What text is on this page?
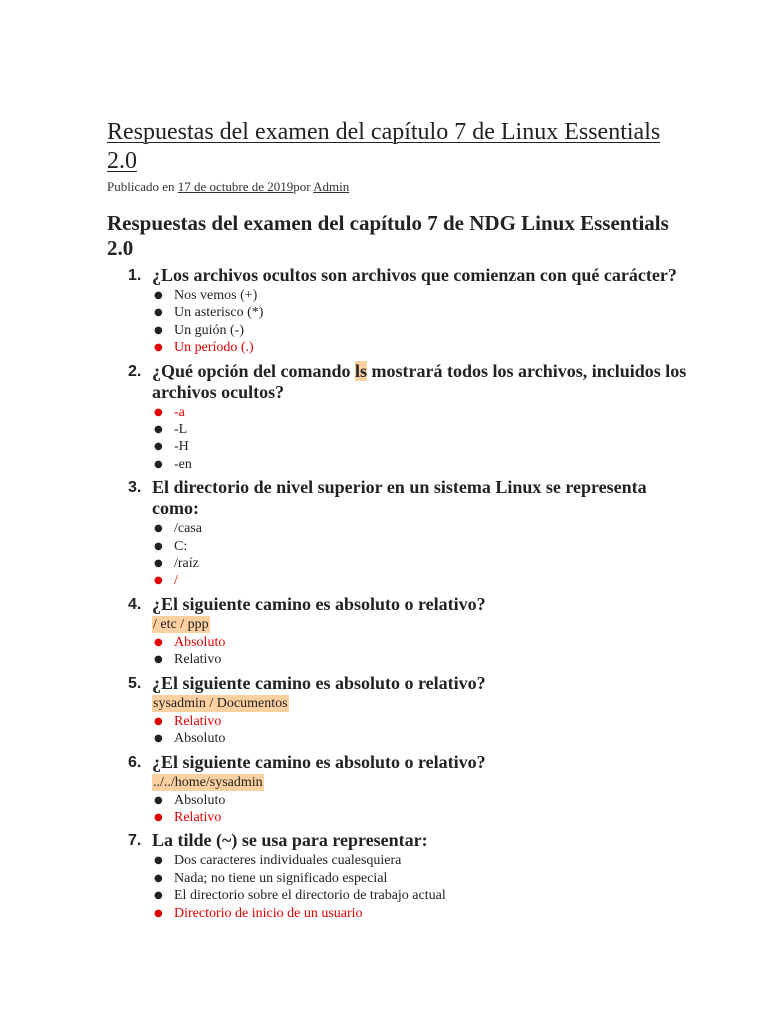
Respuestas del examen del capítulo 7 de Linux Essentials 2.0
Publicado en 17 de octubre de 2019por Admin
Respuestas del examen del capítulo 7 de NDG Linux Essentials 2.0
1. ¿Los archivos ocultos son archivos que comienzan con qué carácter?
● Nos vemos (+)
● Un asterisco (*)
● Un guión (-)
● Un período (.)
2. ¿Qué opción del comando ls mostrará todos los archivos, incluidos los archivos ocultos?
● -a
● -L
● -H
● -en
3. El directorio de nivel superior en un sistema Linux se representa como:
● /casa
● C:
● /raíz
● /
4. ¿El siguiente camino es absoluto o relativo?
/ etc / ppp
● Absoluto
● Relativo
5. ¿El siguiente camino es absoluto o relativo?
sysadmin / Documentos
● Relativo
● Absoluto
6. ¿El siguiente camino es absoluto o relativo?
../../home/sysadmin
● Absoluto
● Relativo
7. La tilde (~) se usa para representar:
● Dos caracteres individuales cualesquiera
● Nada; no tiene un significado especial
● El directorio sobre el directorio de trabajo actual
● Directorio de inicio de un usuario
